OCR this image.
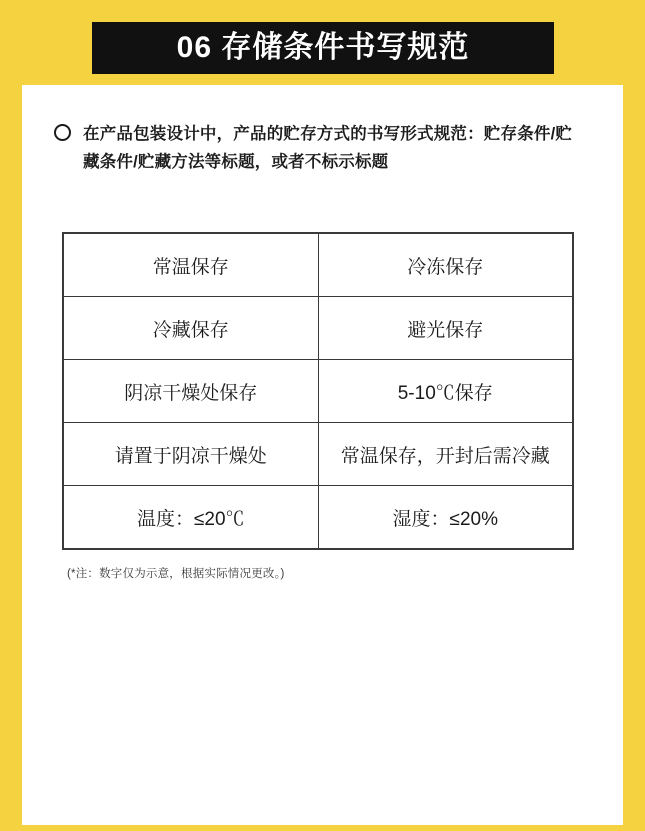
06 存储条件书写规范
在产品包装设计中，产品的贮存方式的书写形式规范：贮存条件/贮藏条件/贮藏方法等标题，或者不标示标题
常温保存	冷冻保存
冷藏保存	避光保存
阴凉干燥处保存	5-10℃保存
请置于阴凉干燥处	常温保存，开封后需冷藏
温度：≤20℃	湿度：≤20%
(*注：数字仅为示意，根据实际情况更改。)
